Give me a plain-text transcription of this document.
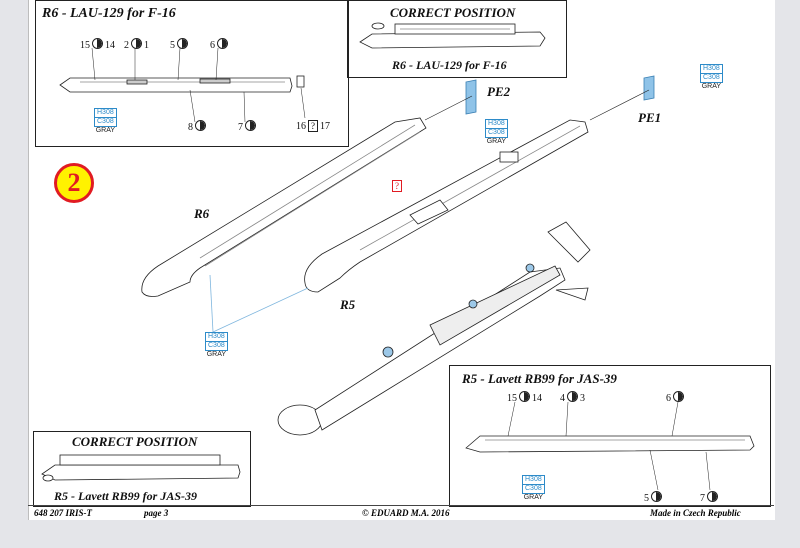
2
R6 - LAU-129 for F-16
15 14 2 1 5	6
8	7	16 ? 17
H308
C308
GRAY
CORRECT POSITION
R6 - LAU-129 for F-16
PE2
PE1
R6
R5
?
H308
C308
GRAY
H308
C308
GRAY
H308
C308
GRAY
CORRECT POSITION
R5 - Lavett RB99 for JAS-39
R5 - Lavett RB99 for JAS-39
15 14 4 3	6
5	7
H308
C308
GRAY
648 207 IRIS-T	page 3	© EDUARD M.A. 2016	Made in Czech Republic
